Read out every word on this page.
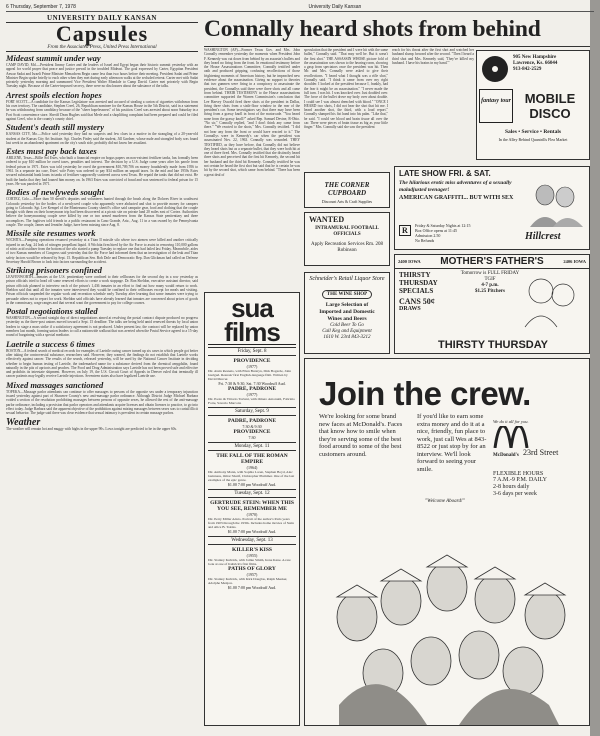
6 Thursday, September 7, 1978	University Daily Kansan
UNIVERSITY DAILY KANSAN
Capsules
From the Associated Press, United Press International
Mideast summit under way

CAMP DAVID, Md.—President Jimmy Carter and the leaders of Israel and Egypt began their historic summit yesterday with an appeal for world prayer that peace and justice prevail in the troubled Mideast. The goal expressed by Carter, Egyptian President Anwar Sadat and Israeli Prime Minister Menachem Begin came less than two hours before their meeting. President Sadat and Prime Minister Begin spoke briefly to each other when they met during early afternoon walks at the secluded retreat. Carter met with Sadat privately yesterday morning and summoned Vice President Walter Mondale to Camp David. Carter met privately with Begin Tuesday night. Because of the Carter-imposed secrecy, there were no disclosures about the substance of the talks.

Arrest spoils election hopes

FORT SCOTT—A candidate for the Kansas Legislature was arrested and accused of stealing a carton of cigarettes withdrawn from his own territory. The candidate, Stephen Creel, 26, Republican nominee for the Kansas House in the 5th District, said in a statement he was withdrawing from candidacy because of the "sheer hopelessness" of his position. Creel was arrested about noon Saturday in a Fort Scott convenience store. Sheriff Dean Hughes said that Merle and a shoplifting complaint had been prepared and could be filed against Creel, who is the county's county chief.

Student's death still mystery

KANSAS CITY, Mo.—Police said yesterday they had no suspects and few clues in a motive in the strangling of a 20-year-old student at the Kansas City Art Institute. Sgt. Charles Finley said the student, Jill Gardner, whose nude and strangled body was found last week in an abandoned apartment on the city's south side, probably did not know her assailant.

Estes must pay back taxes

ABILENE, Texas—Billie Sol Estes, who built a financial empire on bogus papers on non-existent fertilizer tanks, has formally been ordered to pay $10 million he owed taxes, penalties and interest. The decision by a U.S. Judge came years after his parole from federal prison in 1971. Estes was told yesterday he owed the government $10,709,706 on money fraudulently made from 1956 to 1961. In a separate tax case, Estes' wife Patsy was ordered to pay $34 million on unpaid taxes. In the mid and late 1950s Estes secured substantial bank loans in tanks of fertilizer supposedly scattered across west Texas. He repaid the tanks that did not exist. He built the banks that they had loaned him money on. In 1963 Estes was convicted of fraud and was sentenced to federal prison for 15 years. He was paroled in 1971.

Bodies of newlyweds sought

CORTEZ, Colo.—More than 50 sheriff's deputies and volunteers hunted through the brush along the Dolores River in southwest Colorado yesterday for the bodies of a newlywed couple who apparently were abducted and shot to provide money for campers going to Colorado. Sgt. Lee Kempel of the Montezuma County sheriff's office said campsite gear, food and clothing that the couple brought with them on their honeymoon trip had been discovered at a picnic site on private land 20 miles east of Cortez. Authorities believe the honeymooning couple were killed by one or two armed murderers from the Kansas State penitentiary and three accomplices. The fugitives told friends in a public restaurant in Cano Grande, Ariz., Aug. 11 in a van owned by the Pennsylvania couple. The couple, James and Jennifer Judge, have been missing since Aug. 8.

Missile site resumes work

WICHITA—Pumping operations resumed yesterday at a Titan II missile silo where two airmen were killed and another critically injured in an Aug. 24 leak of nitrogen propellant liquid. A Wichita firm hired by the Air Force to assist in removing 110,000 gallons of nitric acid oxidizer from the bottom of the silo started a pump Tuesday to replace one that had failed last Friday. Meanwhile, aides of two Kansas members of Congress said yesterday that the Air Force had informed them that an investigation of the leak and Titan safety factors would be released by Sept. 15. Republican Sen. Bob Dole and Democratic Rep. Dan Glickman had called on Defense Secretary Harold Brown to look into factors surrounding the accident.

Striking prisoners confined

LEAVENWORTH—Inmates at the U.S. penitentiary were confined to their cellhouses for the second day in a row yesterday as prison officials tried to head off some renewed efforts to create a work stoppage. Dr. Ron Sheldon, executive assistant director, said prison officials planned to interview each of the prison's 1,436 inmates in an effort to find out how many would return to work. Sheldon said that until all the inmates were interviewed they would be confined to their cellhouses except for meals and visiting. Prison officials suspended the regular work and recreation schedule early Tuesday after learning that some inmates were trying to persuade others not to report for work. Sheldon said officials have already learned that inmates are concerned about prices of goods in the commissary, wage ranges and that several want the government to pay for college courses.

Postal negotiations stalled

WASHINGTON—A second straight day of direct negotiations aimed at resolving the postal contract dispute produced no progress yesterday as the three-post unions moved toward a Sept. 15 deadline. The talks are being held amid renewed threats by local union leaders to stage a mass strike if a satisfactory agreement is not produced. Under present law, the contract will be replaced by union members last month, forming union leaders to call a nationwide walkout that was averted when the Postal Service agreed to a 15-day round of bargaining with a special mediator.

Laetrile a success 6 times

BOSTON—A federal search of medical records for examples of Laetrile curing cancer turned up six cases in which people got better after taking the controversial substance, researchers said. However, they warned, the findings do not establish that Laetrile works effectively against cancer. The results of the search, released yesterday, will be used by the National Cancer Institute in deciding whether to begin human testing of Laetrile, the trademarked name for a substance derived from the chemical amygdalin, found naturally in the pits of apricots and peaches. The Food and Drug Administration says Laetrile has not been proved safe and effective and prohibits its interstate shipment. However, on July 19, the U.S. Circuit Court of Appeals in Denver ruled that terminally ill cancer patients may legally receive Laetrile injections. Seventeen states also have legalized Laetrile use.

Mixed massages sanctioned

TOPEKA—Massage parlor attendants can continue to offer massages to persons of the opposite sex under a temporary injunction issued yesterday against part of Shawnee County's new anti-massage parlor ordinance. Although District Judge Michael Barbara voided a section of the resolution prohibiting massages between persons of opposite sexes, he allowed the rest of the anti-massage parlor ordinance, including a provision that parlor operators and attendants acquire licenses and obtain licenses to practice, to go into effect today. Judge Barbara said the apparent objective of the prohibition against mixing massages between sexes was to curtail illicit sexual behavior. The judge said there was clear evidence that sexual intimacy is prevalent in certain massage parlors.

Weather

The weather will remain hot and muggy with highs in the upper 90s. Lows tonight are predicted to be in the upper 60s.

Connally heard shots from behind
WASHINGTON (AP)—Former Texas Gov. and Mrs. John Connally remember yesterday the moments when President John F. Kennedy was cut down from behind by an assassin's bullets and they heard no firing from the front. In emotional testimony before the House Assassinations Committee, Connally testified under oath and produced gripping, confusing recollections of those frightening moments of American history, but he impeached new evidence about the assassination. Giving no support to theories that two gunmen were firing in a conspiracy to assassinate the president, the Connallys said there were three shots and all came from behind. THEIR TESTIMONY to the House assassinations committee supported the Warren Commission's conclusion that Lee Harvey Oswald fired three shots at the president in Dallas, firing three shots from a sixth-floor window in the rear of the president's car. Some investigators say that there may have been firing from a grassy knoll in front of the motorcade. "You heard none from the grassy knoll?" asked Rep. Samuel Devine, R-Ohio. "No sir," Connally replied, "and I don't think any came from there." "We reacted to the shots," Mrs. Connally testified. "I did not hear any from the front or would have reacted to it." The Connallys were in Kennedy's car when the president was assassinated Nov. 22, 1963. Connally was wounded. THEY TESTIFIED, as they have before, that Connally did not believe they heard shots but as a separate bullet, that they were both hit at one of three fired. Mrs. Connally testified that she distinctly heard three shots and perceived that the first hit Kennedy, the second hit her husband and the third hit Kennedy. Connally testified he was not certain he heard the first shot but said that he is certain he was hit by the second shot, which came from behind. "There has been a great deal of
speculation that the president and I were hit with the same bullet," Connally said. "That may well be. But it wasn't the first shot." THE ASSASSIN WHOSE picture fold of the assassination was shown to the hearing room, showing a gasp from spectators once the president was hit. Then Mr. and Mrs. Connally were asked to give their recollections. "I heard what I thought was a rifle shot," Connally said. "I think it came from over my right shoulder. I looked at the president because I, frankly, had the fear it might be an assassination." "I never made the full turn. I was hit. I was knocked over. Just doubled over. The force of the bullet drove my body over about double. I could see I was almost drenched with blood." "ONCE I HEARD two shots, I did not hear the shot that hit me. I heard another shot, the third, with a loud report." Connally slumped his fist hand into his palm. "Like that," he said. "I could see blood and brain tissue all over the car. There were pieces of brain tissue as big as your little finger." Mrs. Connally said she saw the president
reach for his throat after the first shot and watched her husband slump forward after the second. "Then I heard a third shot and Mrs. Kennedy said, 'They've killed my husband. I have his brains in my hand.'"
905 New Hampshire
Lawrence, Ks. 66044
913-842-2529
fantasy tour	MOBILE DISCO
Sales • Service • Rentals
In the Alley Behind Quantrills Flea Market
THE CORNER CUPBOARD
Discount Arts & Craft Supplies
WANTED
INTRAMURAL FOOTBALL OFFICIALS
Apply Recreation Services Rm. 208 Robinson
Schneider's Retail Liquor Store
THE WINE SHOP
Large Selection of
Imported and Domestic
Wines and Beers
Cold Beer To Go
Call Keg and Equipment
1610 W. 23rd 843-3212
LATE SHOW FRI. & SAT.
The hilarious erotic miss adventures of a sexually maladjusted teenager!
AMERICAN GRAFFITI... BUT WITH SEX
R
Friday & Saturday Nights at 12:15
Box Office opens at 11:45
Admission 2.50
No Refunds	Hillcrest
2400 IOWA MOTHER'S FATHER'S	2406 IOWA
THIRSTY THURSDAY SPECIALS
CANS 50¢
DRAWS
Tomorrow is FULL FRIDAY TGIF
4-7 p.m.
$1.25 Pitchers
THIRSTY THURSDAY
sua films
Friday, Sept. 8
PROVIDENCE
(1977)
Dir. Alain Resnais, with Ellen Burstyn, Dirk Bogarde, John Gielgud. Resnais' first English-language film. Written by David Mercer.
Fri. 7:30 & 9:30, Sat. 7:30 Woodruff Aud.
PADRE, PADRONE
(1977)
Dir. Paolo & Vittorio Taviani, with Omero Antonutti, Fabrizio Forte, Saverio Marconi.
Saturday, Sept. 9
PADRE, PADRONE
7:30 & 9:30
PROVIDENCE
7:30
Monday, Sept. 11
THE FALL OF THE ROMAN EMPIRE
(1964)
Dir. Anthony Mann, with Sophia Loren, Stephen Boyd, Alec Guinness, Omar Sharif, Christopher Plummer. One of the last examples of the epic genre.
$1.00 7:00 pm Woodruff Aud.
Tuesday, Sept. 12
GERTRUDE STEIN: WHEN THIS YOU SEE, REMEMBER ME
(1970)
Dir. Perry Miller Adato. Portrait of the author's Paris years from 1903 through the 1930s. Includes home movies of Stein and Alice B. Toklas.
$1.00 7:00 pm Woodruff Aud.
Wednesday, Sept. 13
KILLER'S KISS
(1955)
Dir. Stanley Kubrick, with Jamie Smith, Irene Kane. A rare look at one of Kubrick's first films.
PATHS OF GLORY
(1957)
Dir. Stanley Kubrick, with Kirk Douglas, Ralph Meeker, Adolphe Menjou.
$1.00 7:00 pm Woodruff Aud.
Join the crew.
We're looking for some brand new faces at McDonald's. Faces that know how to smile when they're serving some of the best food around to some of the best customers around.
If you'd like to earn some extra money and do it at a nice, friendly, fun place to work, just call Wes at 843-8522 or just stop by for an interview. We'll look forward to seeing your smile.
We do it all for you.
McDonald's 23rd Street
FLEXIBLE HOURS
7 A.M.-9 P.M. DAILY
2-8 hours daily
3-6 days per week
"Welcome Aboard!"
